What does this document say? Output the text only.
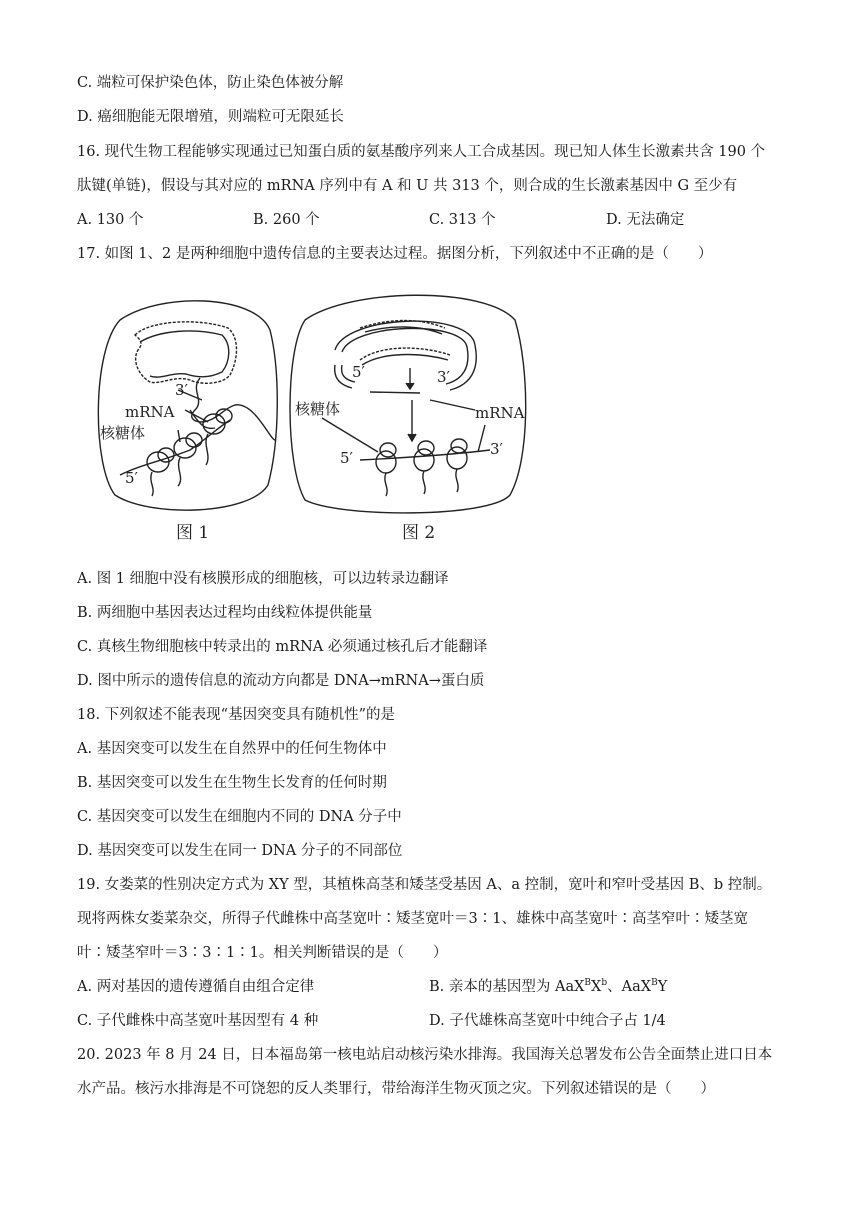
C. 端粒可保护染色体，防止染色体被分解
D. 癌细胞能无限增殖，则端粒可无限延长
16. 现代生物工程能够实现通过已知蛋白质的氨基酸序列来人工合成基因。现已知人体生长激素共含 190 个
肽键(单链)，假设与其对应的 mRNA 序列中有 A 和 U 共 313 个，则合成的生长激素基因中 G 至少有
A. 130 个	B. 260 个	C. 313 个	D. 无法确定
17. 如图 1、2 是两种细胞中遗传信息的主要表达过程。据图分析，下列叙述中不正确的是（　　）
3′
mRNA
核糖体
5′
图 1
5′	3′
核糖体	mRNA
5′	3′
图 2
A. 图 1 细胞中没有核膜形成的细胞核，可以边转录边翻译
B. 两细胞中基因表达过程均由线粒体提供能量
C. 真核生物细胞核中转录出的 mRNA 必须通过核孔后才能翻译
D. 图中所示的遗传信息的流动方向都是 DNA→mRNA→蛋白质
18. 下列叙述不能表现“基因突变具有随机性”的是
A. 基因突变可以发生在自然界中的任何生物体中
B. 基因突变可以发生在生物生长发育的任何时期
C. 基因突变可以发生在细胞内不同的 DNA 分子中
D. 基因突变可以发生在同一 DNA 分子的不同部位
19. 女娄菜的性别决定方式为 XY 型，其植株高茎和矮茎受基因 A、a 控制，宽叶和窄叶受基因 B、b 控制。
现将两株女娄菜杂交，所得子代雌株中高茎宽叶∶矮茎宽叶＝3∶1、雄株中高茎宽叶∶高茎窄叶∶矮茎宽
叶∶矮茎窄叶＝3∶3∶1∶1。相关判断错误的是（　　）
A. 两对基因的遗传遵循自由组合定律	B. 亲本的基因型为 $AaX^BX^b$、AaX$^B$Y
C. 子代雌株中高茎宽叶基因型有 4 种	D. 子代雄株高茎宽叶中纯合子占 1/4
20. 2023 年 8 月 24 日，日本福岛第一核电站启动核污染水排海。我国海关总署发布公告全面禁止进口日本
水产品。核污水排海是不可饶恕的反人类罪行，带给海洋生物灭顶之灾。下列叙述错误的是（　　）
